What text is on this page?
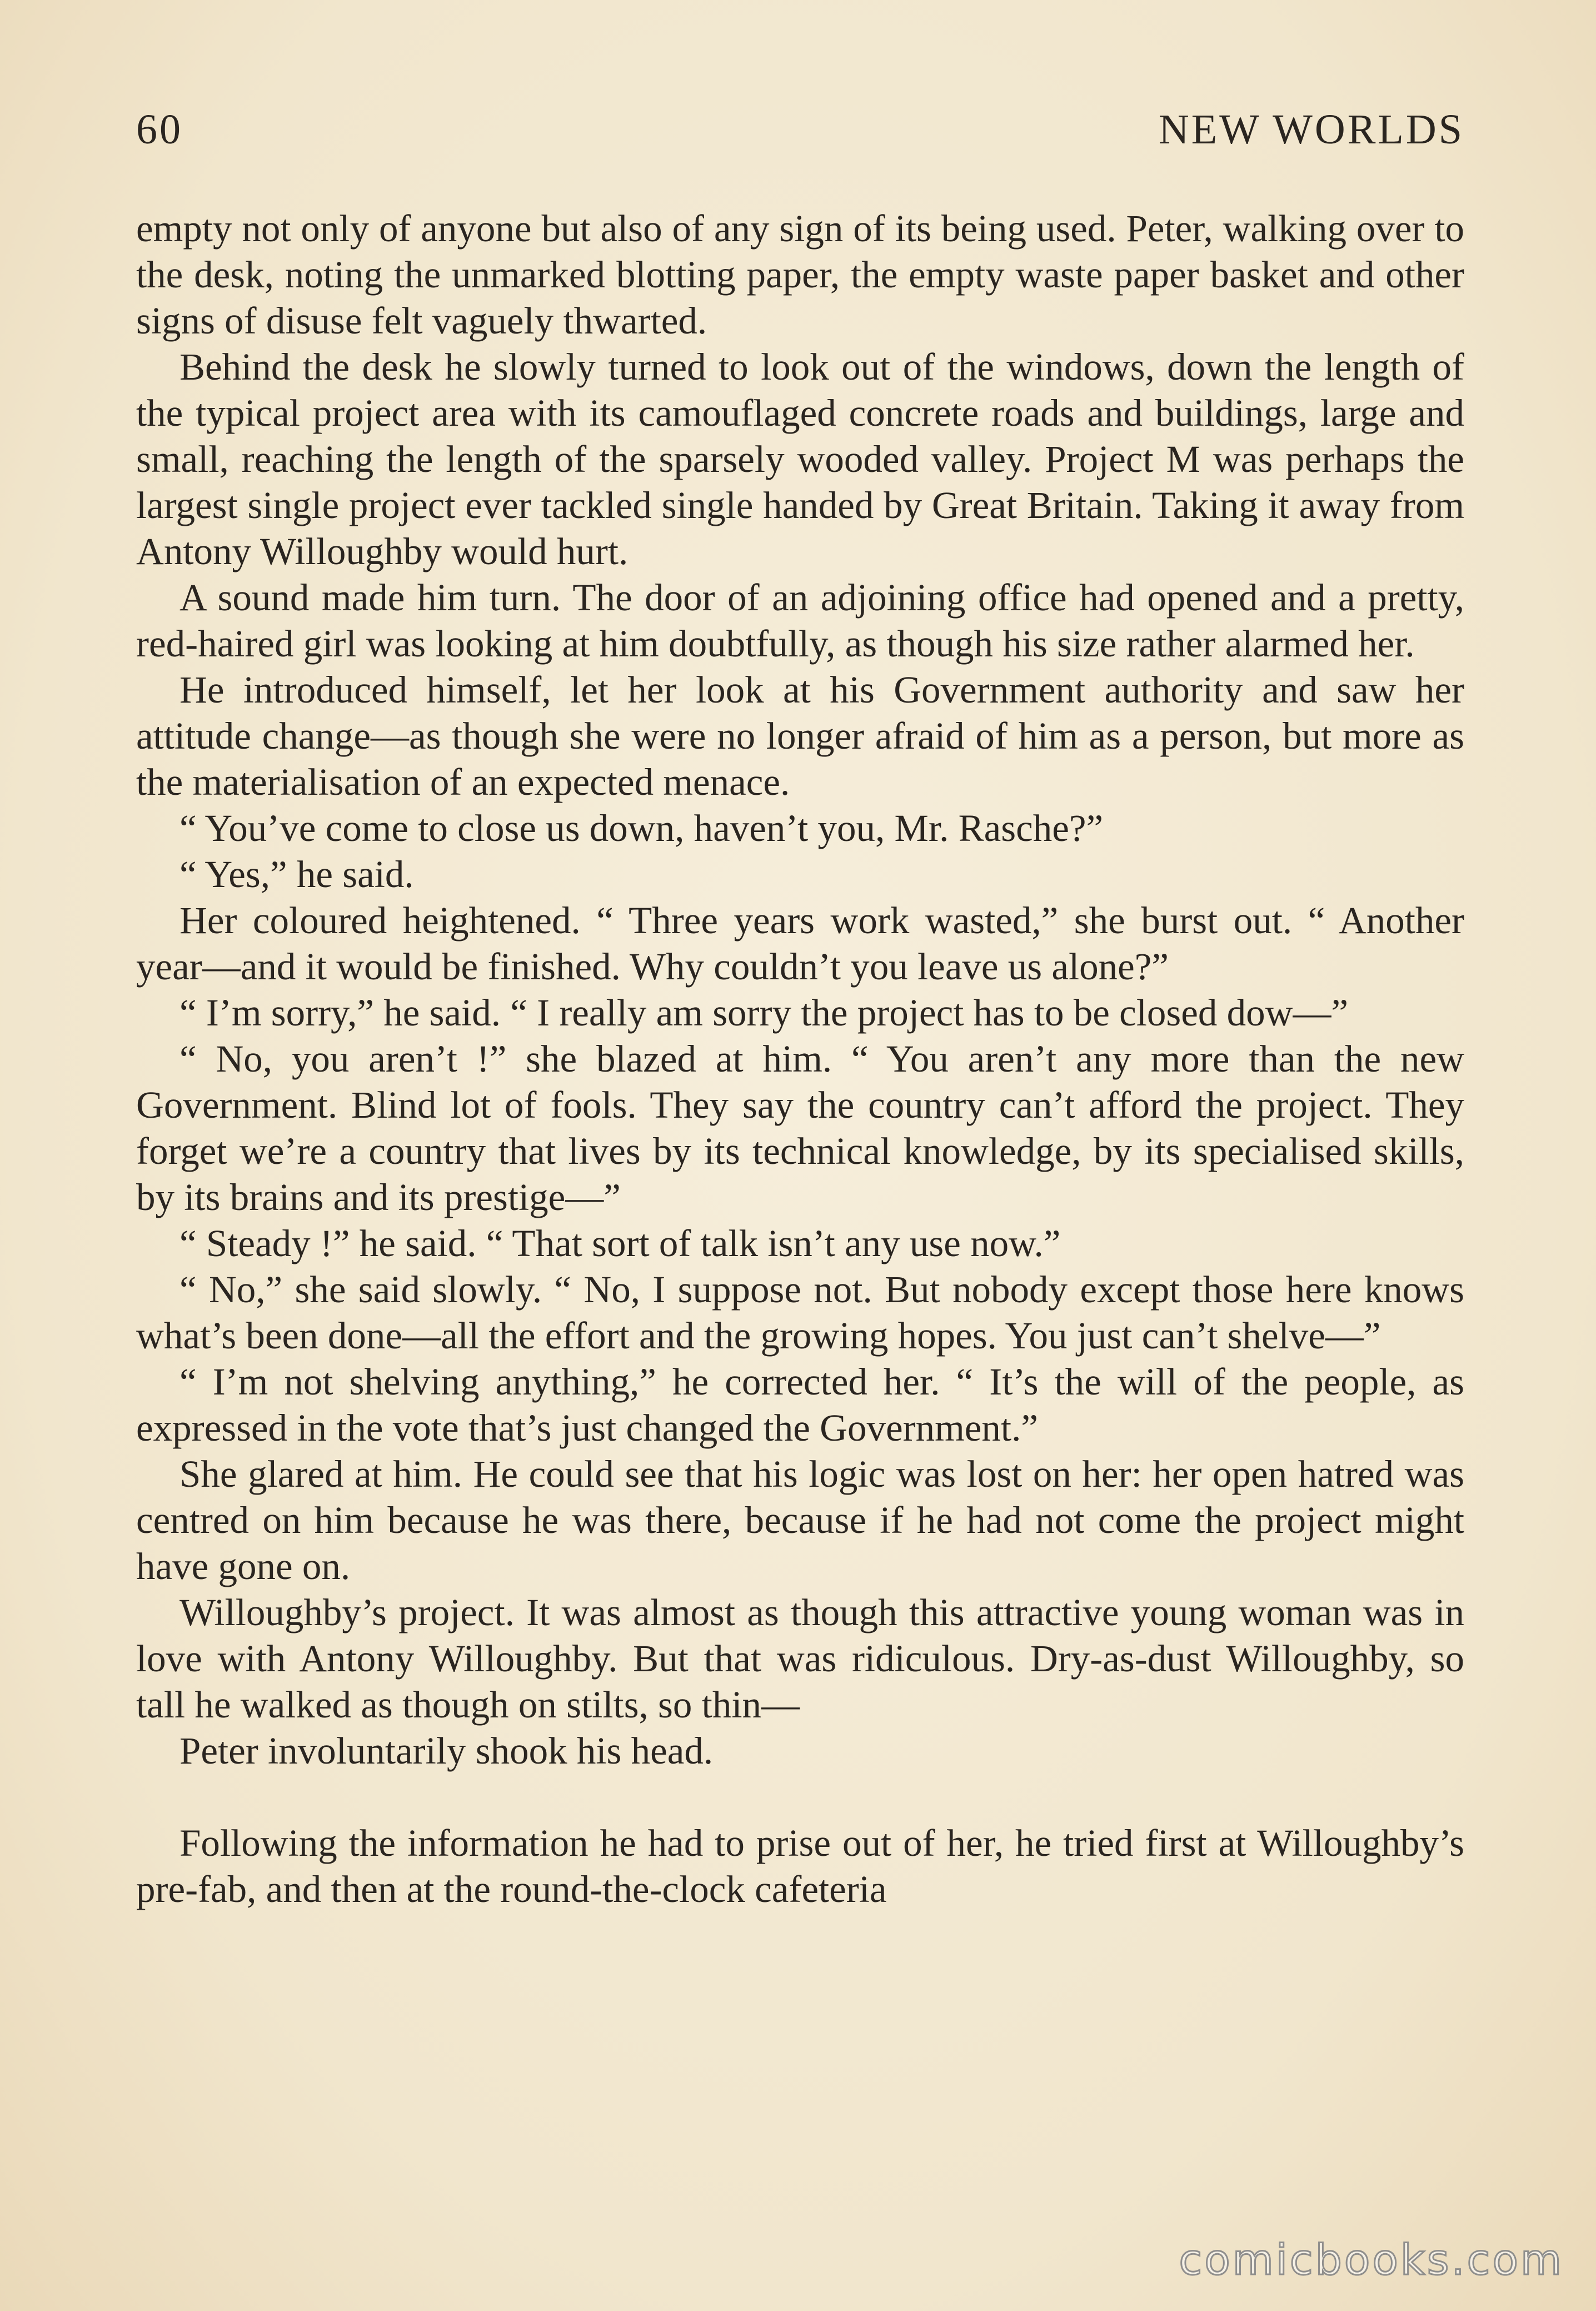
60	NEW WORLDS

empty not only of anyone but also of any sign of its being used. Peter, walking over to the desk, noting the unmarked blotting paper, the empty waste paper basket and other signs of disuse felt vaguely thwarted.

Behind the desk he slowly turned to look out of the windows, down the length of the typical project area with its camouflaged concrete roads and buildings, large and small, reaching the length of the sparsely wooded valley. Project M was perhaps the largest single project ever tackled single handed by Great Britain. Taking it away from Antony Willoughby would hurt.

A sound made him turn. The door of an adjoining office had opened and a pretty, red-haired girl was looking at him doubtfully, as though his size rather alarmed her.

He introduced himself, let her look at his Government authority and saw her attitude change—as though she were no longer afraid of him as a person, but more as the materialisation of an expected menace.

“ You’ve come to close us down, haven’t you, Mr. Rasche?”

“ Yes,” he said.

Her coloured heightened. “ Three years work wasted,” she burst out. “ Another year—and it would be finished. Why couldn’t you leave us alone?”

“ I’m sorry,” he said. “ I really am sorry the project has to be closed dow—”

“ No, you aren’t !” she blazed at him. “ You aren’t any more than the new Government. Blind lot of fools. They say the country can’t afford the project. They forget we’re a country that lives by its technical knowledge, by its specialised skills, by its brains and its prestige—”

“ Steady !” he said. “ That sort of talk isn’t any use now.”

“ No,” she said slowly. “ No, I suppose not. But nobody except those here knows what’s been done—all the effort and the growing hopes. You just can’t shelve—”

“ I’m not shelving anything,” he corrected her. “ It’s the will of the people, as expressed in the vote that’s just changed the Government.”

She glared at him. He could see that his logic was lost on her: her open hatred was centred on him because he was there, because if he had not come the project might have gone on.

Willoughby’s project. It was almost as though this attractive young woman was in love with Antony Willoughby. But that was ridiculous. Dry-as-dust Willoughby, so tall he walked as though on stilts, so thin—

Peter involuntarily shook his head.

Following the information he had to prise out of her, he tried first at Willoughby’s pre-fab, and then at the round-the-clock cafeteria

comicbooks.com
